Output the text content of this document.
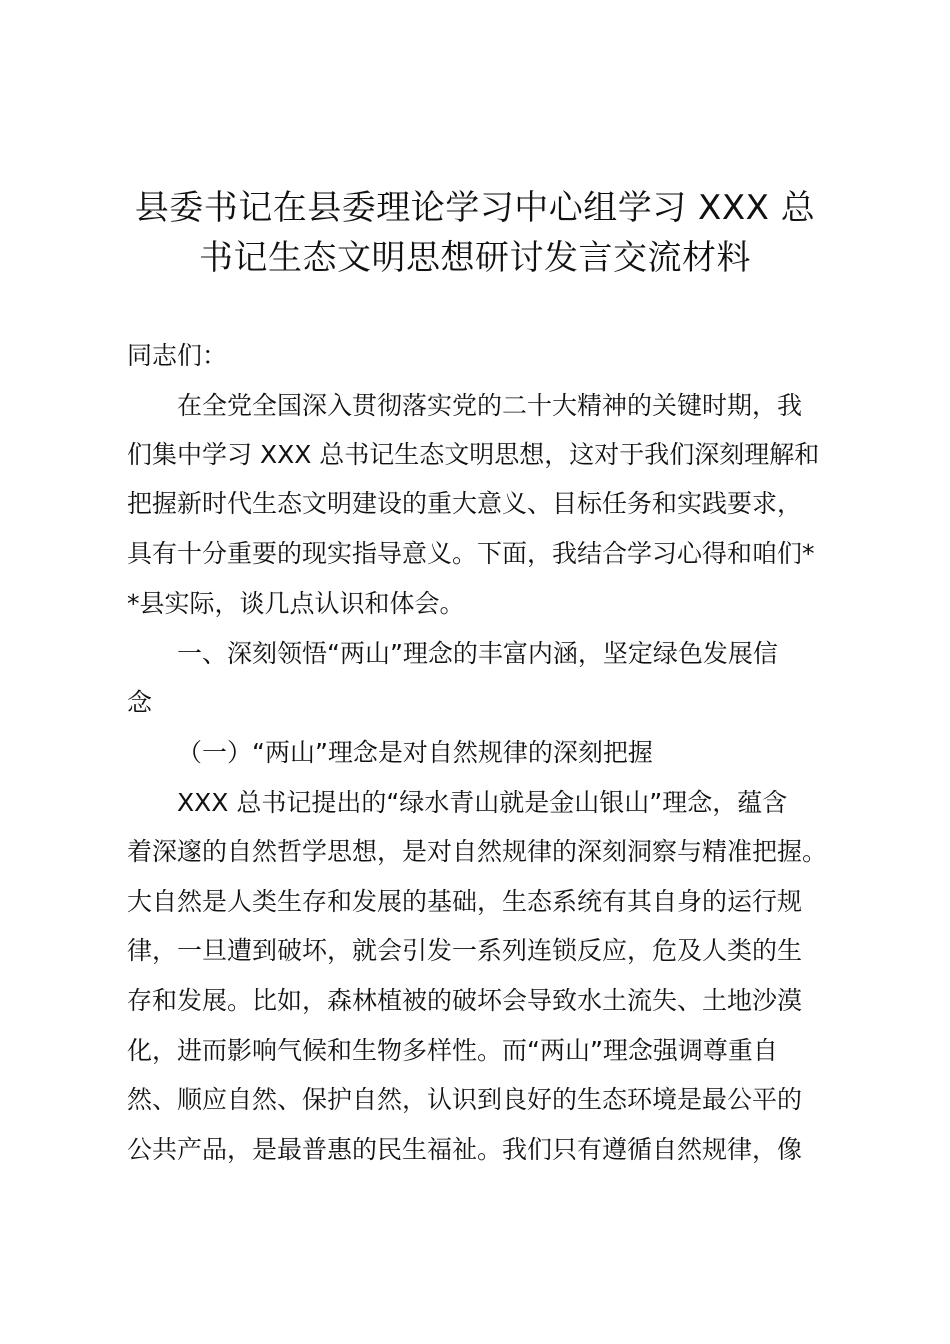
县委书记在县委理论学习中心组学习 XXX 总
书记生态文明思想研讨发言交流材料
同志们：
在全党全国深入贯彻落实党的二十大精神的关键时期，我
们集中学习 XXX 总书记生态文明思想，这对于我们深刻理解和
把握新时代生态文明建设的重大意义、目标任务和实践要求，
具有十分重要的现实指导意义。下面，我结合学习心得和咱们*
*县实际，谈几点认识和体会。
一、深刻领悟“两山”理念的丰富内涵，坚定绿色发展信
念
（一）“两山”理念是对自然规律的深刻把握
XXX 总书记提出的“绿水青山就是金山银山”理念，蕴含
着深邃的自然哲学思想，是对自然规律的深刻洞察与精准把握。
大自然是人类生存和发展的基础，生态系统有其自身的运行规
律，一旦遭到破坏，就会引发一系列连锁反应，危及人类的生
存和发展。比如，森林植被的破坏会导致水土流失、土地沙漠
化，进而影响气候和生物多样性。而“两山”理念强调尊重自
然、顺应自然、保护自然，认识到良好的生态环境是最公平的
公共产品，是最普惠的民生福祉。我们只有遵循自然规律，像
